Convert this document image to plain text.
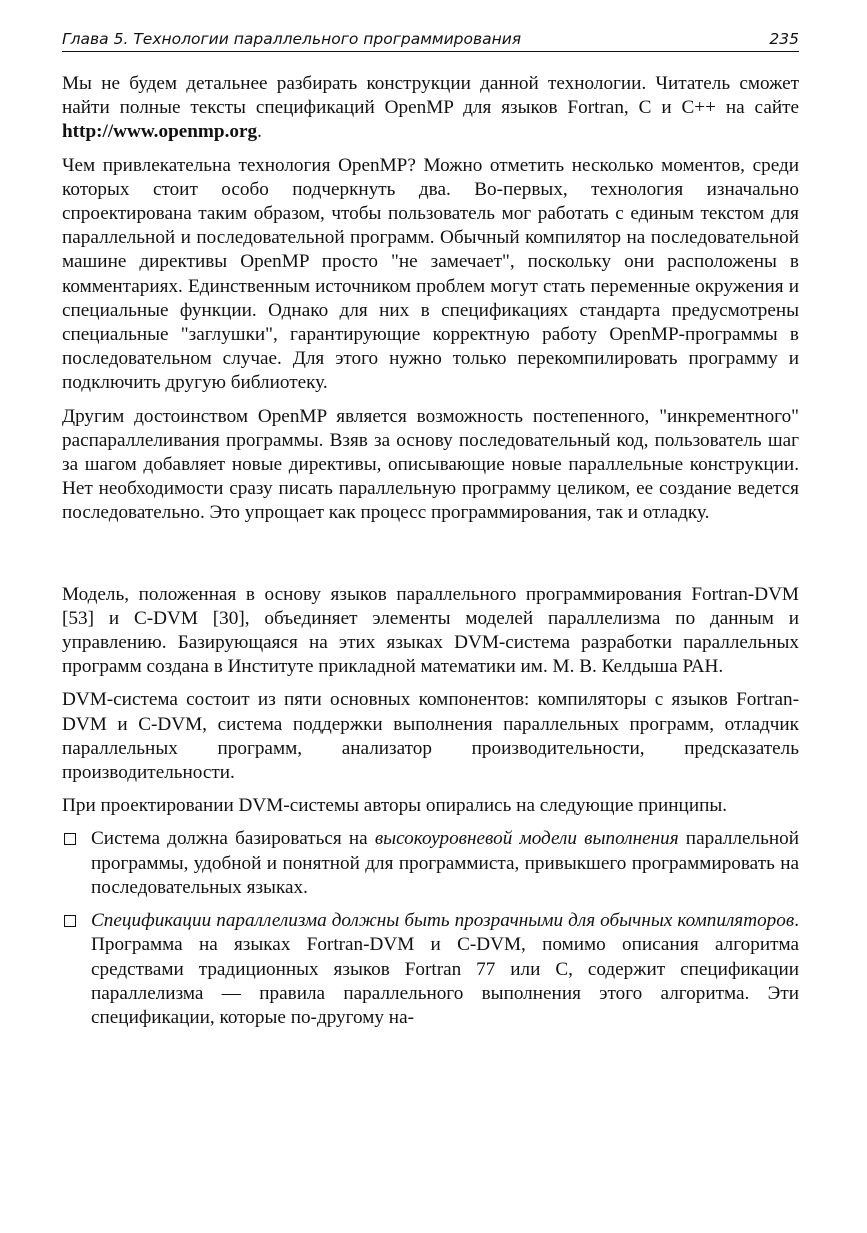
Глава 5. Технологии параллельного программирования	235

Мы не будем детальнее разбирать конструкции данной технологии. Читатель сможет найти полные тексты спецификаций OpenMP для языков Fortran, C и C++ на сайте http://www.openmp.org.

Чем привлекательна технология OpenMP? Можно отметить несколько моментов, среди которых стоит особо подчеркнуть два. Во-первых, технология изначально спроектирована таким образом, чтобы пользователь мог работать с единым текстом для параллельной и последовательной программ. Обычный компилятор на последовательной машине директивы OpenMP просто "не замечает", поскольку они расположены в комментариях. Единственным источником проблем могут стать переменные окружения и специальные функции. Однако для них в спецификациях стандарта предусмотрены специальные "заглушки", гарантирующие корректную работу OpenMP-программы в последовательном случае. Для этого нужно только перекомпилировать программу и подключить другую библиотеку.

Другим достоинством OpenMP является возможность постепенного, "инкрементного" распараллеливания программы. Взяв за основу последовательный код, пользователь шаг за шагом добавляет новые директивы, описывающие новые параллельные конструкции. Нет необходимости сразу писать параллельную программу целиком, ее создание ведется последовательно. Это упрощает как процесс программирования, так и отладку.

Модель, положенная в основу языков параллельного программирования Fortran-DVM [53] и C-DVM [30], объединяет элементы моделей параллелизма по данным и управлению. Базирующаяся на этих языках DVM-система разработки параллельных программ создана в Институте прикладной математики им. М. В. Келдыша РАН.

DVM-система состоит из пяти основных компонентов: компиляторы с языков Fortran-DVM и C-DVM, система поддержки выполнения параллельных программ, отладчик параллельных программ, анализатор производительности, предсказатель производительности.

При проектировании DVM-системы авторы опирались на следующие принципы.

Система должна базироваться на высокоуровневой модели выполнения параллельной программы, удобной и понятной для программиста, привыкшего программировать на последовательных языках.
Спецификации параллелизма должны быть прозрачными для обычных компиляторов. Программа на языках Fortran-DVM и C-DVM, помимо описания алгоритма средствами традиционных языков Fortran 77 или C, содержит спецификации параллелизма — правила параллельного выполнения этого алгоритма. Эти спецификации, которые по-другому на-
